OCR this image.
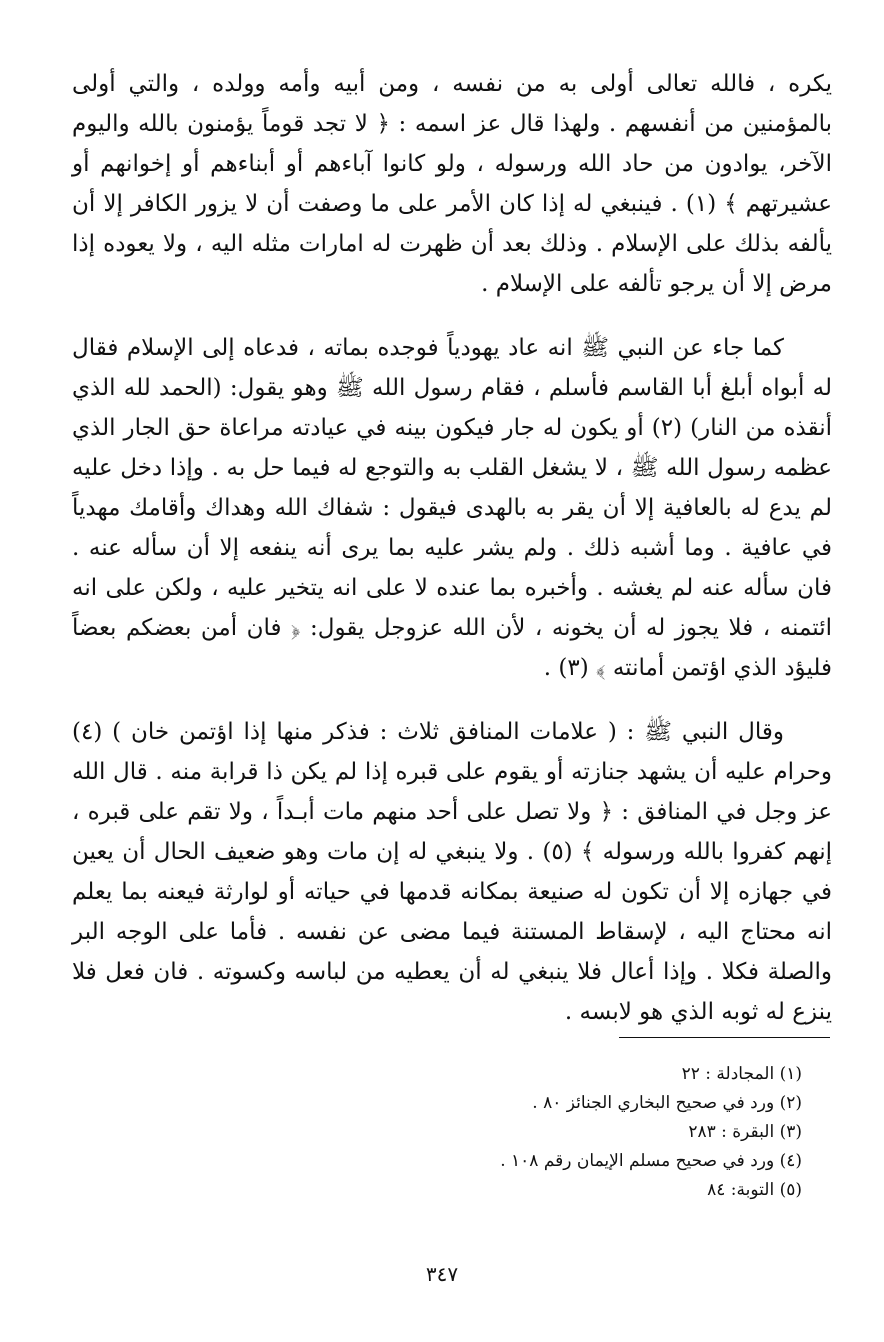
يكره ، فالله تعالى أولى به من نفسه ، ومن أبيه وأمه وولده ، والتي أولى بالمؤمنين من أنفسهم . ولهذا قال عز اسمه : ﴿ لا تجد قوماً يؤمنون بالله واليوم الآخر، يوادون من حاد الله ورسوله ، ولو كانوا آباءهم أو أبناءهم أو إخوانهم أو عشيرتهم ﴾ (١) . فينبغي له إذا كان الأمر على ما وصفت أن لا يزور الكافر إلا أن يألفه بذلك على الإسلام . وذلك بعد أن ظهرت له امارات مثله اليه ، ولا يعوده إذا مرض إلا أن يرجو تألفه على الإسلام .

كما جاء عن النبي ﷺ انه عاد يهودياً فوجده بماته ، فدعاه إلى الإسلام فقال له أبواه أبلغ أبا القاسم فأسلم ، فقام رسول الله ﷺ وهو يقول: (الحمد لله الذي أنقذه من النار) (٢) أو يكون له جار فيكون بينه في عيادته مراعاة حق الجار الذي عظمه رسول الله ﷺ ، لا يشغل القلب به والتوجع له فيما حل به . وإذا دخل عليه لم يدع له بالعافية إلا أن يقر به بالهدى فيقول : شفاك الله وهداك وأقامك مهدياً في عافية . وما أشبه ذلك . ولم يشر عليه بما يرى أنه ينفعه إلا أن سأله عنه . فان سأله عنه لم يغشه . وأخبره بما عنده لا على انه يتخير عليه ، ولكن على انه ائتمنه ، فلا يجوز له أن يخونه ، لأن الله عزوجل يقول: ﴿ فان أمن بعضكم بعضاً فليؤد الذي اؤتمن أمانته ﴾ (٣) .

وقال النبي ﷺ : ( علامات المنافق ثلاث : فذكر منها إذا اؤتمن خان ) (٤) وحرام عليه أن يشهد جنازته أو يقوم على قبره إذا لم يكن ذا قرابة منه . قال الله عز وجل في المنافق : ﴿ ولا تصل على أحد منهم مات أبـداً ، ولا تقم على قبره ، إنهم كفروا بالله ورسوله ﴾ (٥) . ولا ينبغي له إن مات وهو ضعيف الحال أن يعين في جهازه إلا أن تكون له صنيعة بمكانه قدمها في حياته أو لوارثة فيعنه بما يعلم انه محتاج اليه ، لإسقاط المستنة فيما مضى عن نفسه . فأما على الوجه البر والصلة فكلا . وإذا أعال فلا ينبغي له أن يعطيه من لباسه وكسوته . فان فعل فلا ينزع له ثوبه الذي هو لابسه .

(١) المجادلة : ٢٢
(٢) ورد في صحيح البخاري الجنائز ٨٠ .
(٣) البقرة : ٢٨٣
(٤) ورد في صحيح مسلم الإيمان رقم ١٠٨ .
(٥) التوبة: ٨٤
٣٤٧
